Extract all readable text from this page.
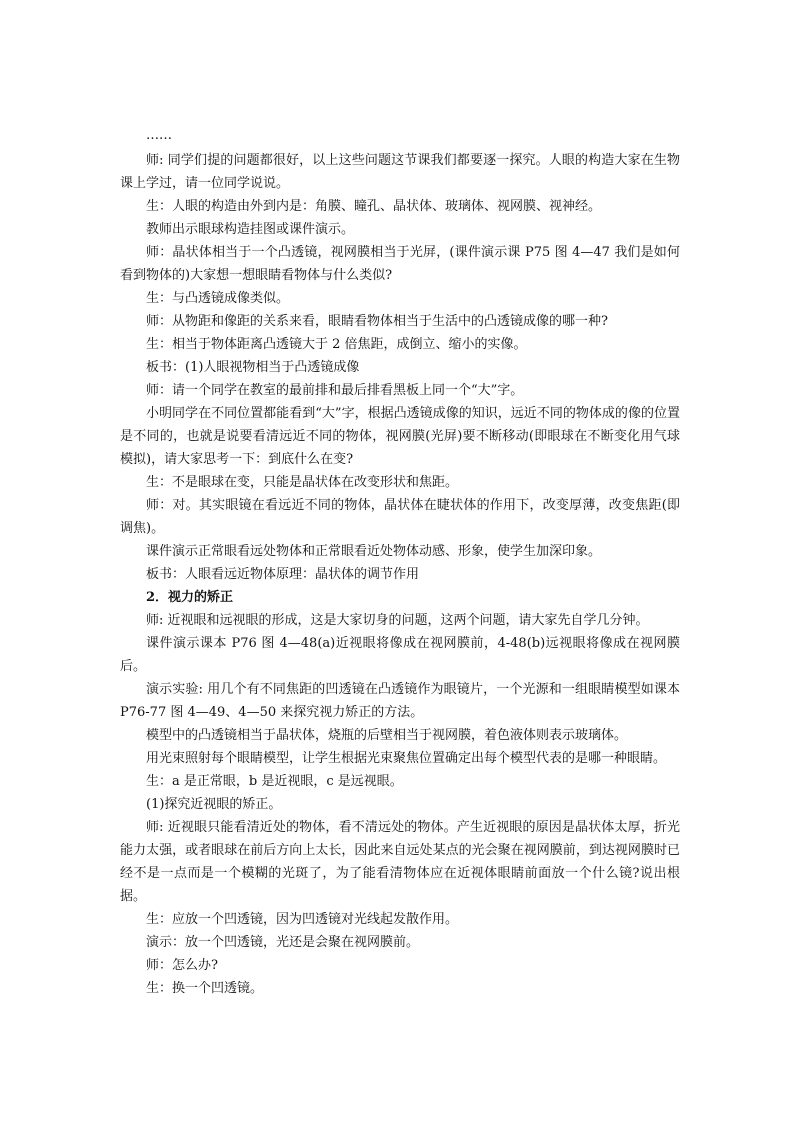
……

师: 同学们提的问题都很好，以上这些问题这节课我们都要逐一探究。人眼的构造大家在生物课上学过，请一位同学说说。

生：人眼的构造由外到内是：角膜、瞳孔、晶状体、玻璃体、视网膜、视神经。

教师出示眼球构造挂图或课件演示。

师：晶状体相当于一个凸透镜，视网膜相当于光屏，(课件演示课 P75 图 4—47 我们是如何看到物体的)大家想一想眼睛看物体与什么类似?

生：与凸透镜成像类似。

师：从物距和像距的关系来看，眼睛看物体相当于生活中的凸透镜成像的哪一种?

生：相当于物体距离凸透镜大于 2 倍焦距，成倒立、缩小的实像。

板书：(1)人眼视物相当于凸透镜成像

师：请一个同学在教室的最前排和最后排看黑板上同一个“大”字。

小明同学在不同位置都能看到“大”字，根据凸透镜成像的知识，远近不同的物体成的像的位置是不同的，也就是说要看清远近不同的物体，视网膜(光屏)要不断移动(即眼球在不断变化用气球模拟)，请大家思考一下：到底什么在变?

生：不是眼球在变，只能是晶状体在改变形状和焦距。

师：对。其实眼镜在看远近不同的物体，晶状体在睫状体的作用下，改变厚薄，改变焦距(即调焦)。

课件演示正常眼看远处物体和正常眼看近处物体动感、形象，使学生加深印象。

板书：人眼看远近物体原理：晶状体的调节作用

2．视力的矫正

师: 近视眼和远视眼的形成，这是大家切身的问题，这两个问题，请大家先自学几分钟。

课件演示课本 P76 图 4—48(a)近视眼将像成在视网膜前，4-48(b)远视眼将像成在视网膜后。

演示实验: 用几个有不同焦距的凹透镜在凸透镜作为眼镜片，一个光源和一组眼睛模型如课本 P76-77 图 4—49、4—50 来探究视力矫正的方法。

模型中的凸透镜相当于晶状体，烧瓶的后壁相当于视网膜，着色液体则表示玻璃体。

用光束照射每个眼睛模型，让学生根据光束聚焦位置确定出每个模型代表的是哪一种眼睛。

生：a 是正常眼，b 是近视眼，c 是远视眼。

(1)探究近视眼的矫正。

师: 近视眼只能看清近处的物体，看不清远处的物体。产生近视眼的原因是晶状体太厚，折光能力太强，或者眼球在前后方向上太长，因此来自远处某点的光会聚在视网膜前，到达视网膜时已经不是一点而是一个模糊的光斑了，为了能看清物体应在近视体眼睛前面放一个什么镜?说出根据。

生：应放一个凹透镜，因为凹透镜对光线起发散作用。

演示：放一个凹透镜，光还是会聚在视网膜前。

师：怎么办?

生：换一个凹透镜。
